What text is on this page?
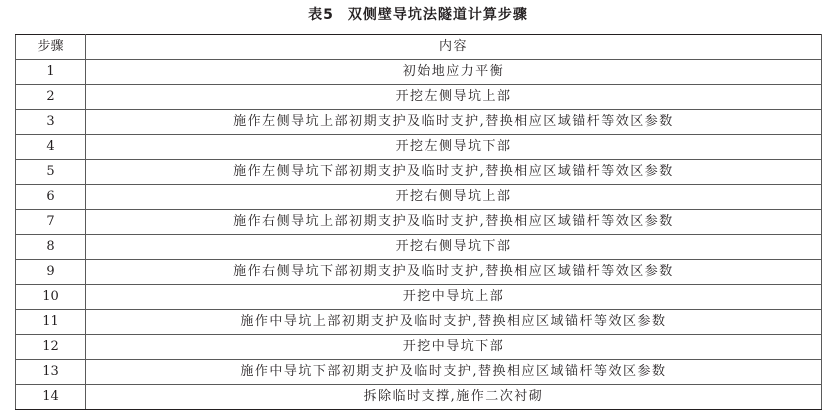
表5 双侧壁导坑法隧道计算步骤
步骤	内容
1	初始地应力平衡
2	开挖左侧导坑上部
3	施作左侧导坑上部初期支护及临时支护,替换相应区域锚杆等效区参数
4	开挖左侧导坑下部
5	施作左侧导坑下部初期支护及临时支护,替换相应区域锚杆等效区参数
6	开挖右侧导坑上部
7	施作右侧导坑上部初期支护及临时支护,替换相应区域锚杆等效区参数
8	开挖右侧导坑下部
9	施作右侧导坑下部初期支护及临时支护,替换相应区域锚杆等效区参数
10	开挖中导坑上部
11	施作中导坑上部初期支护及临时支护,替换相应区域锚杆等效区参数
12	开挖中导坑下部
13	施作中导坑下部初期支护及临时支护,替换相应区域锚杆等效区参数
14	拆除临时支撑,施作二次衬砌
